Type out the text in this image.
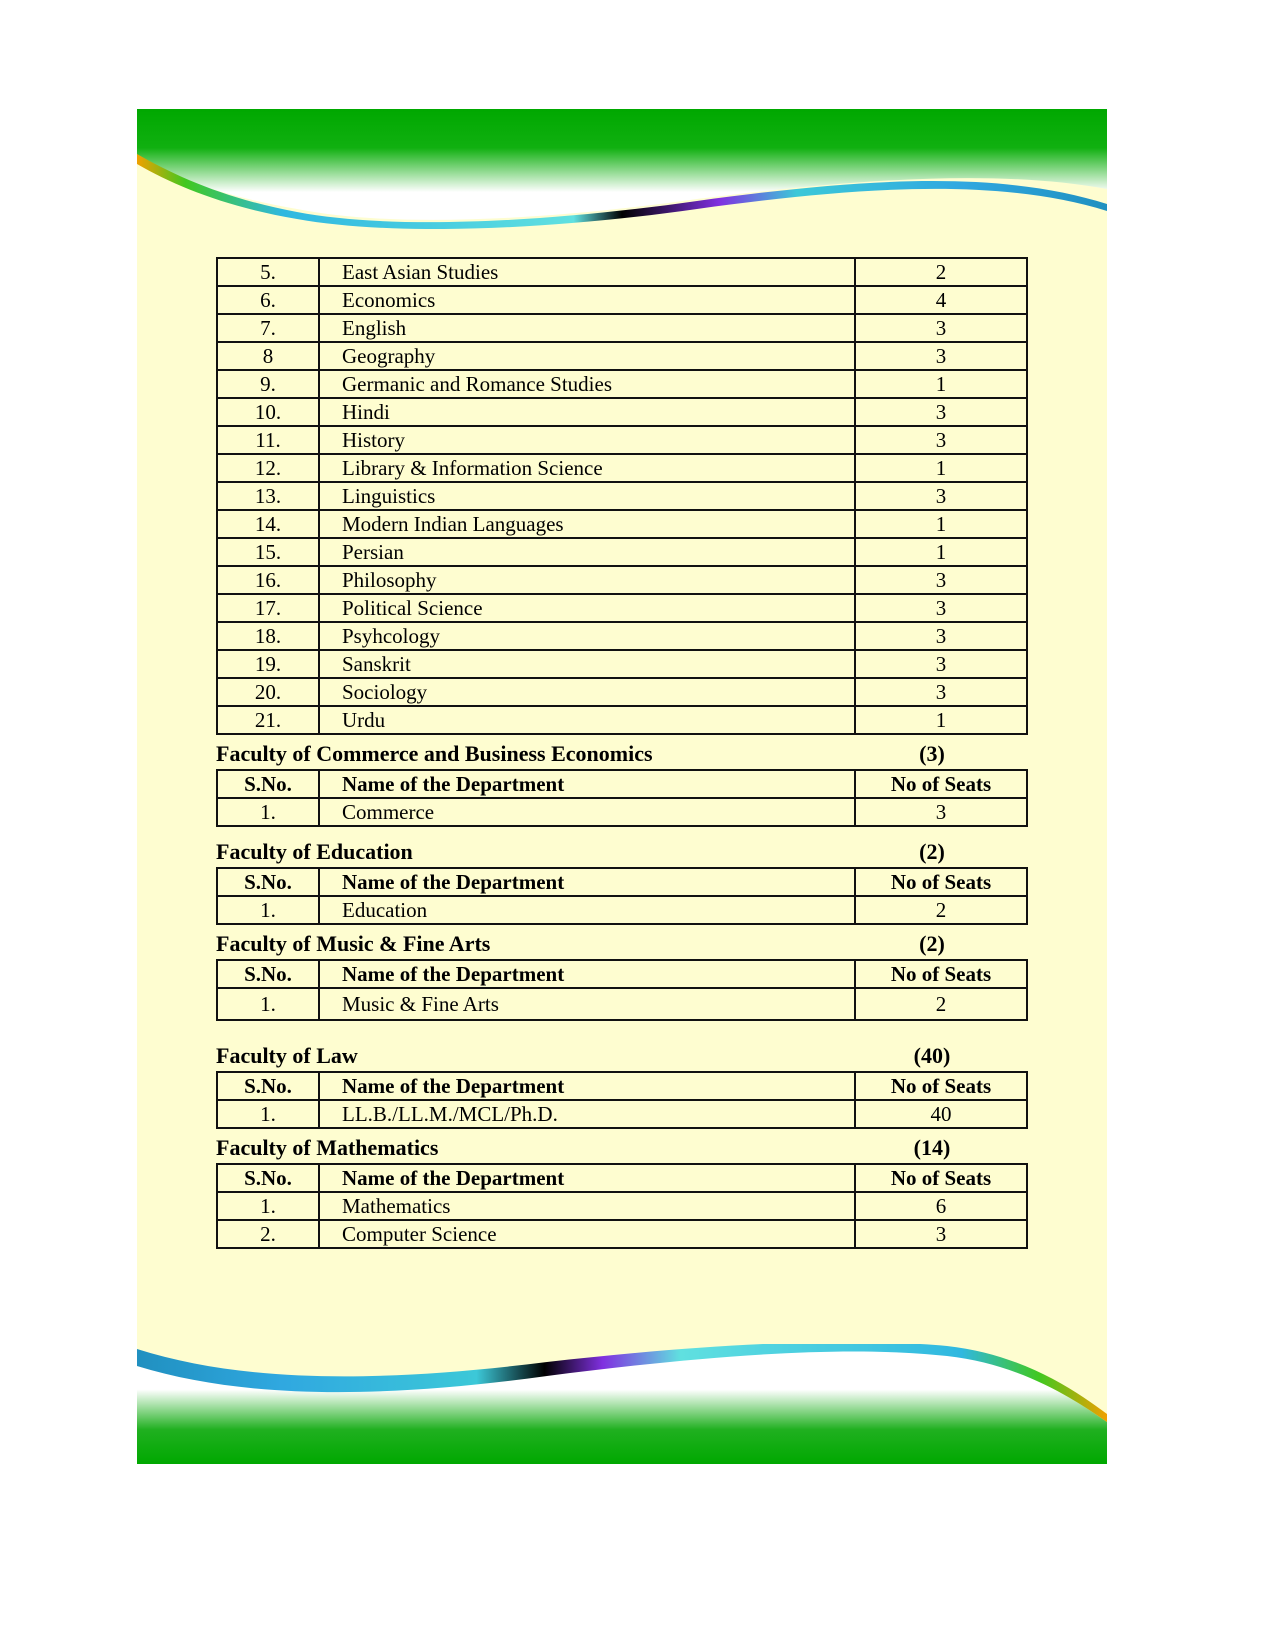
5.	East Asian Studies	2
6.	Economics	4
7.	English	3
8	Geography	3
9.	Germanic and Romance Studies	1
10.	Hindi	3
11.	History	3
12.	Library & Information Science	1
13.	Linguistics	3
14.	Modern Indian Languages	1
15.	Persian	1
16.	Philosophy	3
17.	Political Science	3
18.	Psyhcology	3
19.	Sanskrit	3
20.	Sociology	3
21.	Urdu	1
Faculty of Commerce and Business Economics	(3)
S.No.	Name of the Department	No of Seats
1.	Commerce	3
Faculty of Education	(2)
S.No.	Name of the Department	No of Seats
1.	Education	2
Faculty of Music & Fine Arts	(2)
S.No.	Name of the Department	No of Seats
1.	Music & Fine Arts	2
Faculty of Law	(40)
S.No.	Name of the Department	No of Seats
1.	LL.B./LL.M./MCL/Ph.D.	40
Faculty of Mathematics	(14)
S.No.	Name of the Department	No of Seats
1.	Mathematics	6
2.	Computer Science	3
